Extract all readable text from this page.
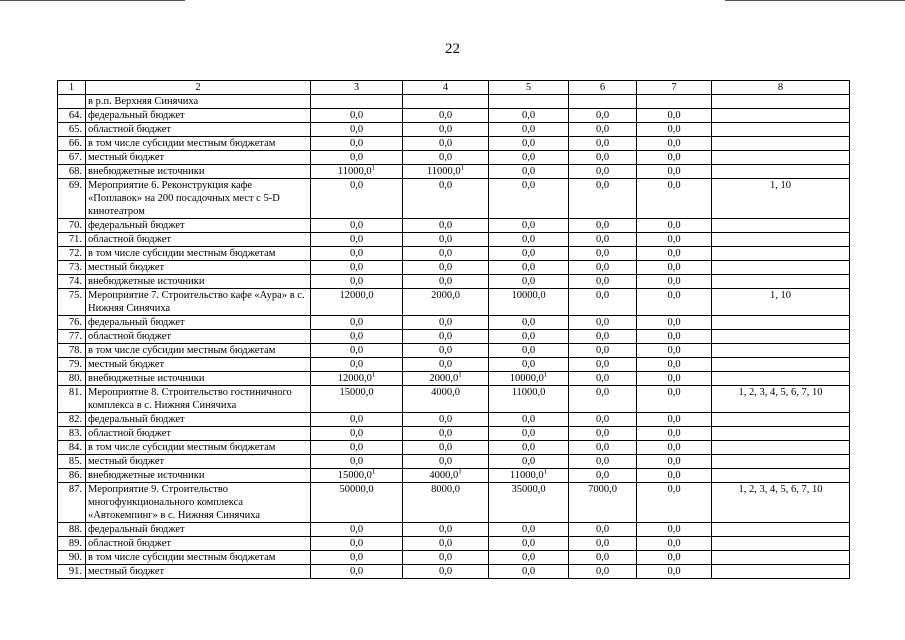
22
1	2	3	4	5	6	7	8
	в р.п. Верхняя Синячиха						
64.	федеральный бюджет	0,0	0,0	0,0	0,0	0,0	
65.	областной бюджет	0,0	0,0	0,0	0,0	0,0	
66.	в том числе субсидии местным бюджетам	0,0	0,0	0,0	0,0	0,0	
67.	местный бюджет	0,0	0,0	0,0	0,0	0,0	
68.	внебюджетные источники	11000,0$^1$	11000,0$^1$	0,0	0,0	0,0	
69.	Мероприятие 6. Реконструкция кафе «Поплавок» на 200 посадочных мест с 5-D кинотеатром	0,0	0,0	0,0	0,0	0,0	1, 10
70.	федеральный бюджет	0,0	0,0	0,0	0,0	0,0	
71.	областной бюджет	0,0	0,0	0,0	0,0	0,0	
72.	в том числе субсидии местным бюджетам	0,0	0,0	0,0	0,0	0,0	
73.	местный бюджет	0,0	0,0	0,0	0,0	0,0	
74.	внебюджетные источники	0,0	0,0	0,0	0,0	0,0	
75.	Мероприятие 7. Строительство кафе «Аура» в с. Нижняя Синячиха	12000,0	2000,0	10000,0	0,0	0,0	1, 10
76.	федеральный бюджет	0,0	0,0	0,0	0,0	0,0	
77.	областной бюджет	0,0	0,0	0,0	0,0	0,0	
78.	в том числе субсидии местным бюджетам	0,0	0,0	0,0	0,0	0,0	
79.	местный бюджет	0,0	0,0	0,0	0,0	0,0	
80.	внебюджетные источники	12000,0$^1$	2000,0$^1$	10000,0$^1$	0,0	0,0	
81.	Мероприятие 8. Строительство гостиничного комплекса в с. Нижняя Синячиха	15000,0	4000,0	11000,0	0,0	0,0	1, 2, 3, 4, 5, 6, 7, 10
82.	федеральный бюджет	0,0	0,0	0,0	0,0	0,0	
83.	областной бюджет	0,0	0,0	0,0	0,0	0,0	
84.	в том числе субсидии местным бюджетам	0,0	0,0	0,0	0,0	0,0	
85.	местный бюджет	0,0	0,0	0,0	0,0	0,0	
86.	внебюджетные источники	15000,0$^1$	4000,0$^1$	11000,0$^1$	0,0	0,0	
87.	Мероприятие 9. Строительство многофункционального комплекса «Автокемпинг» в с. Нижняя Синячиха	50000,0	8000,0	35000,0	7000,0	0,0	1, 2, 3, 4, 5, 6, 7, 10
88.	федеральный бюджет	0,0	0,0	0,0	0,0	0,0	
89.	областной бюджет	0,0	0,0	0,0	0,0	0,0	
90.	в том числе субсидии местным бюджетам	0,0	0,0	0,0	0,0	0,0	
91.	местный бюджет	0,0	0,0	0,0	0,0	0,0	
